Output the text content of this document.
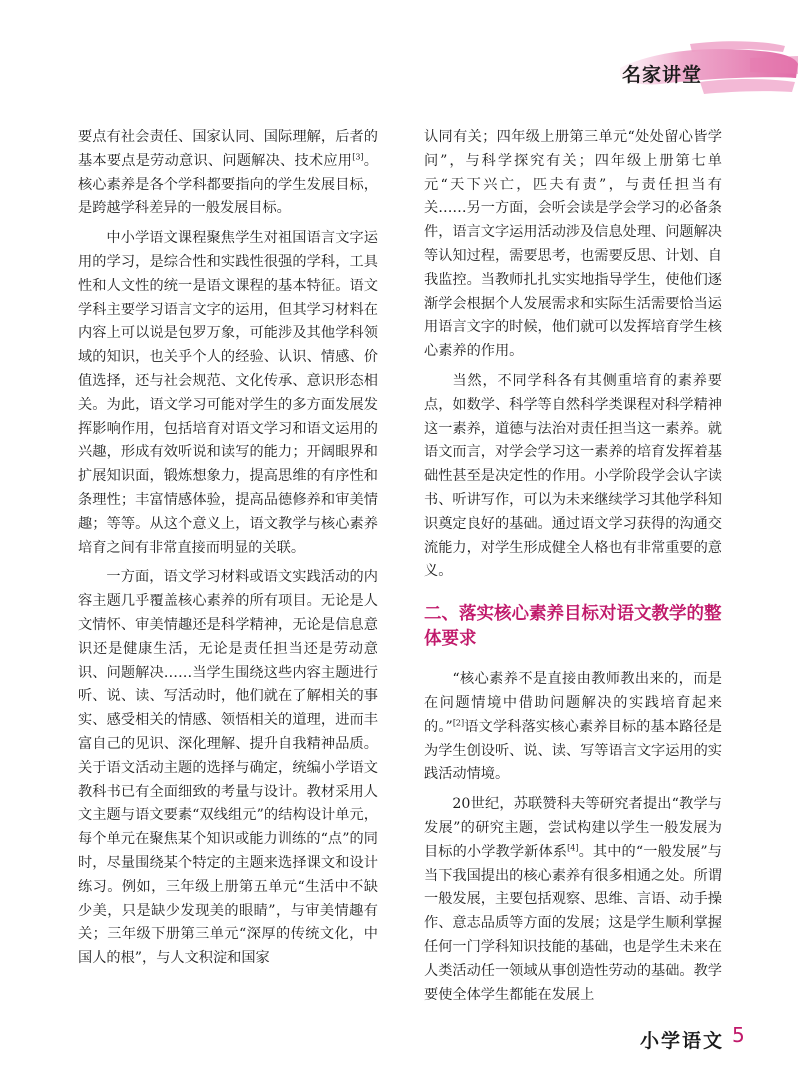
名家讲堂

要点有社会责任、国家认同、国际理解，后者的基本要点是劳动意识、问题解决、技术应用[3]。核心素养是各个学科都要指向的学生发展目标，是跨越学科差异的一般发展目标。

中小学语文课程聚焦学生对祖国语言文字运用的学习，是综合性和实践性很强的学科，工具性和人文性的统一是语文课程的基本特征。语文学科主要学习语言文字的运用，但其学习材料在内容上可以说是包罗万象，可能涉及其他学科领域的知识，也关乎个人的经验、认识、情感、价值选择，还与社会规范、文化传承、意识形态相关。为此，语文学习可能对学生的多方面发展发挥影响作用，包括培育对语文学习和语文运用的兴趣，形成有效听说和读写的能力；开阔眼界和扩展知识面，锻炼想象力，提高思维的有序性和条理性；丰富情感体验，提高品德修养和审美情趣；等等。从这个意义上，语文教学与核心素养培育之间有非常直接而明显的关联。

一方面，语文学习材料或语文实践活动的内容主题几乎覆盖核心素养的所有项目。无论是人文情怀、审美情趣还是科学精神，无论是信息意识还是健康生活，无论是责任担当还是劳动意识、问题解决……当学生围绕这些内容主题进行听、说、读、写活动时，他们就在了解相关的事实、感受相关的情感、领悟相关的道理，进而丰富自己的见识、深化理解、提升自我精神品质。关于语文活动主题的选择与确定，统编小学语文教科书已有全面细致的考量与设计。教材采用人文主题与语文要素“双线组元”的结构设计单元，每个单元在聚焦某个知识或能力训练的“点”的同时，尽量围绕某个特定的主题来选择课文和设计练习。例如，三年级上册第五单元“生活中不缺少美，只是缺少发现美的眼睛”，与审美情趣有关；三年级下册第三单元“深厚的传统文化，中国人的根”，与人文积淀和国家

认同有关；四年级上册第三单元“处处留心皆学问”，与科学探究有关；四年级上册第七单元“天下兴亡，匹夫有责”，与责任担当有关……另一方面，会听会读是学会学习的必备条件，语言文字运用活动涉及信息处理、问题解决等认知过程，需要思考，也需要反思、计划、自我监控。当教师扎扎实实地指导学生，使他们逐渐学会根据个人发展需求和实际生活需要恰当运用语言文字的时候，他们就可以发挥培育学生核心素养的作用。

当然，不同学科各有其侧重培育的素养要点，如数学、科学等自然科学类课程对科学精神这一素养，道德与法治对责任担当这一素养。就语文而言，对学会学习这一素养的培育发挥着基础性甚至是决定性的作用。小学阶段学会认字读书、听讲写作，可以为未来继续学习其他学科知识奠定良好的基础。通过语文学习获得的沟通交流能力，对学生形成健全人格也有非常重要的意义。

二、落实核心素养目标对语文教学的整体要求

“核心素养不是直接由教师教出来的，而是在问题情境中借助问题解决的实践培育起来的。”[2]语文学科落实核心素养目标的基本路径是为学生创设听、说、读、写等语言文字运用的实践活动情境。

20世纪，苏联赞科夫等研究者提出“教学与发展”的研究主题，尝试构建以学生一般发展为目标的小学教学新体系[4]。其中的“一般发展”与当下我国提出的核心素养有很多相通之处。所谓一般发展，主要包括观察、思维、言语、动手操作、意志品质等方面的发展；这是学生顺利掌握任何一门学科知识技能的基础，也是学生未来在人类活动任一领域从事创造性劳动的基础。教学要使全体学生都能在发展上

小学语文 5
